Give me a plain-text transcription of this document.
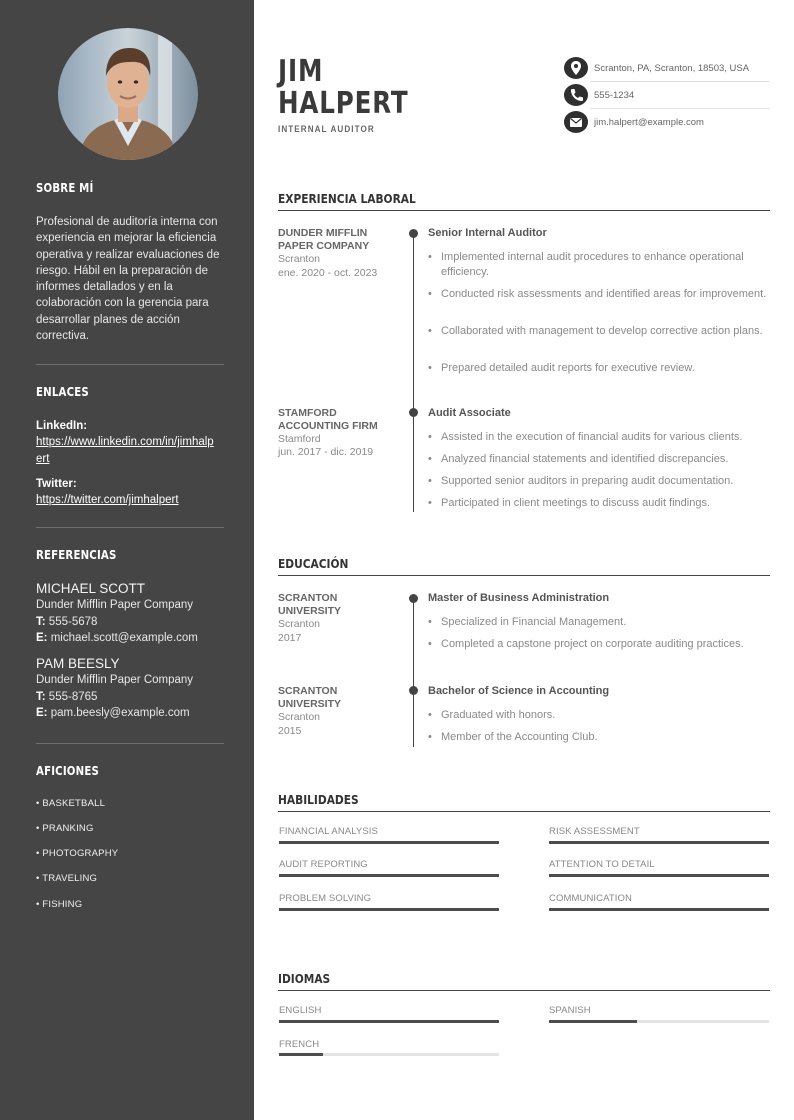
SOBRE MÍ
Profesional de auditoría interna con experiencia en mejorar la eficiencia operativa y realizar evaluaciones de riesgo. Hábil en la preparación de informes detallados y en la colaboración con la gerencia para desarrollar planes de acción correctiva.
ENLACES
LinkedIn:
https://www.linkedin.com/in/jimhalpert
Twitter:
https://twitter.com/jimhalpert
REFERENCIAS
MICHAEL SCOTT
Dunder Mifflin Paper Company
T: 555-5678
E: michael.scott@example.com
PAM BEESLY
Dunder Mifflin Paper Company
T: 555-8765
E: pam.beesly@example.com
AFICIONES
• BASKETBALL
• PRANKING
• PHOTOGRAPHY
• TRAVELING
• FISHING
JIM
HALPERT
INTERNAL AUDITOR
Scranton, PA, Scranton, 18503, USA
555-1234
jim.halpert@example.com
EXPERIENCIA LABORAL
DUNDER MIFFLIN PAPER COMPANY
Scranton
ene. 2020 - oct. 2023
Senior Internal Auditor
• Implemented internal audit procedures to enhance operational efficiency.
• Conducted risk assessments and identified areas for improvement.
• Collaborated with management to develop corrective action plans.
• Prepared detailed audit reports for executive review.
STAMFORD ACCOUNTING FIRM
Stamford
jun. 2017 - dic. 2019
Audit Associate
• Assisted in the execution of financial audits for various clients.
• Analyzed financial statements and identified discrepancies.
• Supported senior auditors in preparing audit documentation.
• Participated in client meetings to discuss audit findings.
EDUCACIÓN
SCRANTON UNIVERSITY
Scranton
2017
Master of Business Administration
• Specialized in Financial Management.
• Completed a capstone project on corporate auditing practices.
SCRANTON UNIVERSITY
Scranton
2015
Bachelor of Science in Accounting
• Graduated with honors.
• Member of the Accounting Club.
HABILIDADES
FINANCIAL ANALYSIS	RISK ASSESSMENT
AUDIT REPORTING	ATTENTION TO DETAIL
PROBLEM SOLVING	COMMUNICATION
IDIOMAS
ENGLISH	SPANISH
FRENCH
